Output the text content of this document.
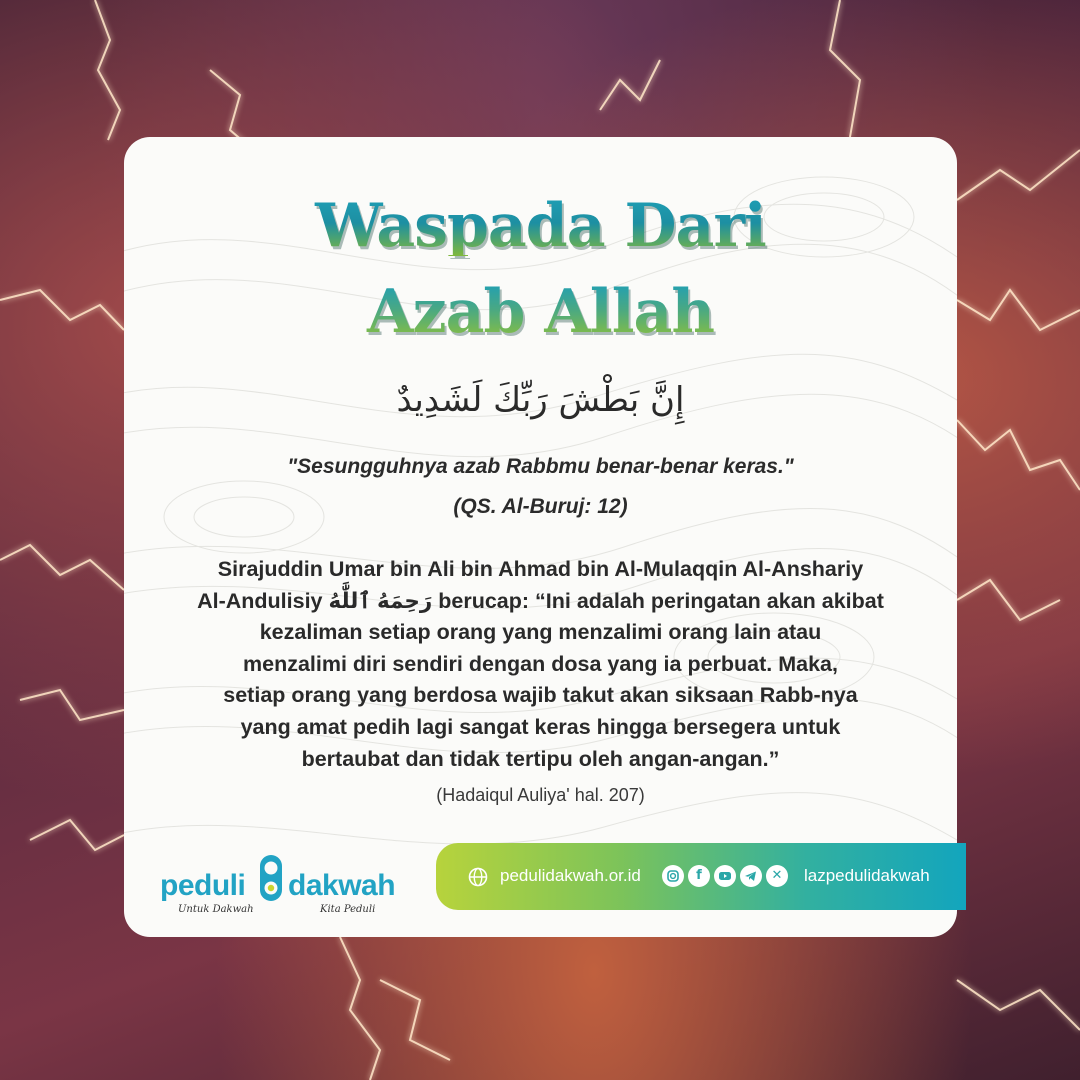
Waspada Dari
Azab Allah
إِنَّ بَطْشَ رَبِّكَ لَشَدِيدٌ
"Sesungguhnya azab Rabbmu benar-benar keras."
(QS. Al-Buruj: 12)
Sirajuddin Umar bin Ali bin Ahmad bin Al-Mulaqqin Al-Anshariy
Al-Andulisiy رَحِمَهُ ٱللَّٰهُ berucap: “Ini adalah peringatan akan akibat
kezaliman setiap orang yang menzalimi orang lain atau
menzalimi diri sendiri dengan dosa yang ia perbuat. Maka,
setiap orang yang berdosa wajib takut akan siksaan Rabb-nya
yang amat pedih lagi sangat keras hingga bersegera untuk
bertaubat dan tidak tertipu oleh angan-angan.”
(Hadaiqul Auliya' hal. 207)
peduli dakwah
Untuk Dakwah	Kita Peduli
pedulidakwah.or.id	f	✕	lazpedulidakwah
